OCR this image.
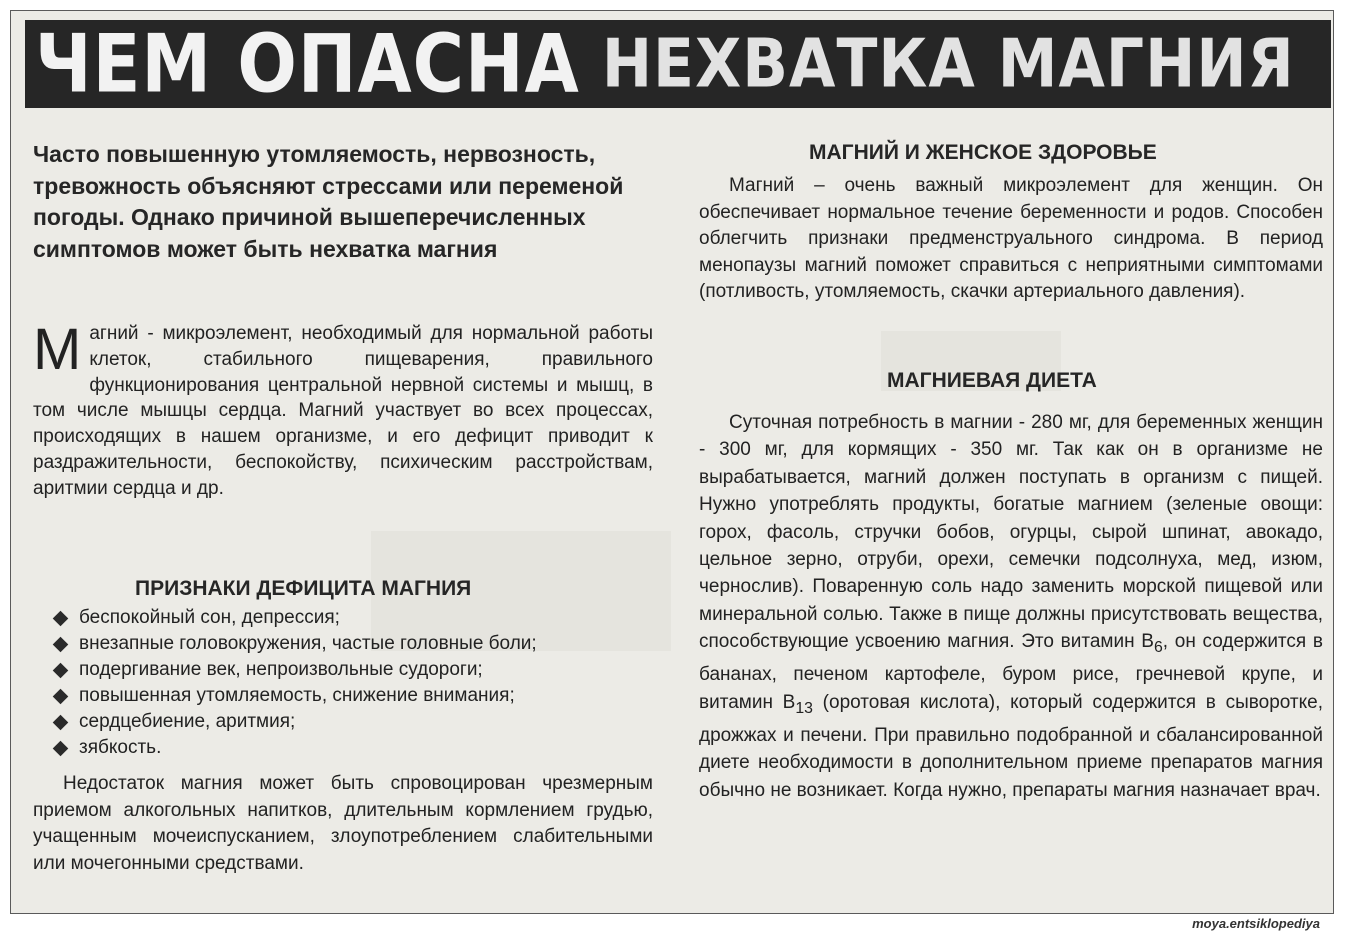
ЧЕМ ОПАСНА НЕХВАТКА МАГНИЯ

Часто повышенную утомляемость, нервозность, тревожность объясняют стрессами или переменой погоды. Однако причиной вышеперечисленных симптомов может быть нехватка магния

Магний - микроэлемент, необходимый для нормальной работы клеток, стабильного пищеварения, правильного функционирования центральной нервной системы и мышц, в том числе мышцы сердца. Магний участвует во всех процессах, происходящих в нашем организме, и его дефицит приводит к раздражительности, беспокойству, психическим расстройствам, аритмии сердца и др.

ПРИЗНАКИ ДЕФИЦИТА МАГНИЯ
беспокойный сон, депрессия;
внезапные головокружения, частые головные боли;
подергивание век, непроизвольные судороги;
повышенная утомляемость, снижение внимания;
сердцебиение, аритмия;
зябкость.

Недостаток магния может быть спровоцирован чрезмерным приемом алкогольных напитков, длительным кормлением грудью, учащенным мочеиспусканием, злоупотреблением слабительными или мочегонными средствами.

МАГНИЙ И ЖЕНСКОЕ ЗДОРОВЬЕ

Магний – очень важный микроэлемент для женщин. Он обеспечивает нормальное течение беременности и родов. Способен облегчить признаки предменструального синдрома. В период менопаузы магний поможет справиться с неприятными симптомами (потливость, утомляемость, скачки артериального давления).

МАГНИЕВАЯ ДИЕТА

Суточная потребность в магнии - 280 мг, для беременных женщин - 300 мг, для кормящих - 350 мг. Так как он в организме не вырабатывается, магний должен поступать в организм с пищей. Нужно употреблять продукты, богатые магнием (зеленые овощи: горох, фасоль, стручки бобов, огурцы, сырой шпинат, авокадо, цельное зерно, отруби, орехи, семечки подсолнуха, мед, изюм, чернослив). Поваренную соль надо заменить морской пищевой или минеральной солью. Также в пище должны присутствовать вещества, способствующие усвоению магния. Это витамин $В_6$, он содержится в бананах, печеном картофеле, буром рисе, гречневой крупе, и витамин $В_{13}$ (оротовая кислота), который содержится в сыворотке, дрожжах и печени. При правильно подобранной и сбалансированной диете необходимости в дополнительном приеме препаратов магния обычно не возникает. Когда нужно, препараты магния назначает врач.

moya.entsiklopediya
